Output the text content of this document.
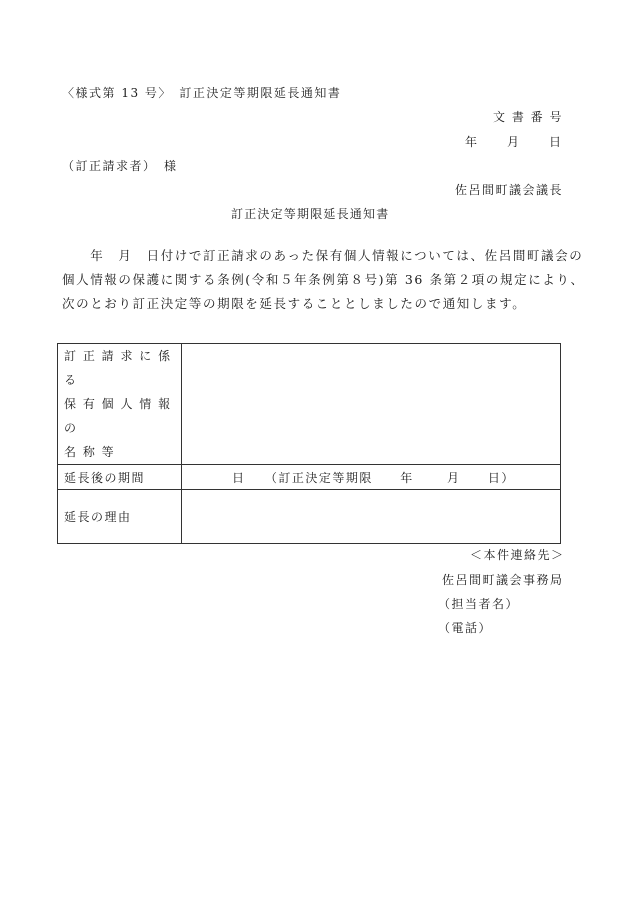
〈様式第 13 号〉　訂正決定等期限延長通知書
文 書 番 号
年　　月　　日
（訂正請求者）　様
佐呂間町議会議長
訂正決定等期限延長通知書
　　年　月　日付けで訂正請求のあった保有個人情報については、佐呂間町議会の
個人情報の保護に関する条例(令和５年条例第８号)第 36 条第２項の規定により、
次のとおり訂正決定等の期限を延長することとしましたので通知します。
訂 正 請 求 に 係 る
保 有 個 人 情 報 の
名 称 等	

延長後の期間	日 （訂正決定等期限 年 月 日）
延長の理由	
＜本件連絡先＞
佐呂間町議会事務局
（担当者名）
（電話）
